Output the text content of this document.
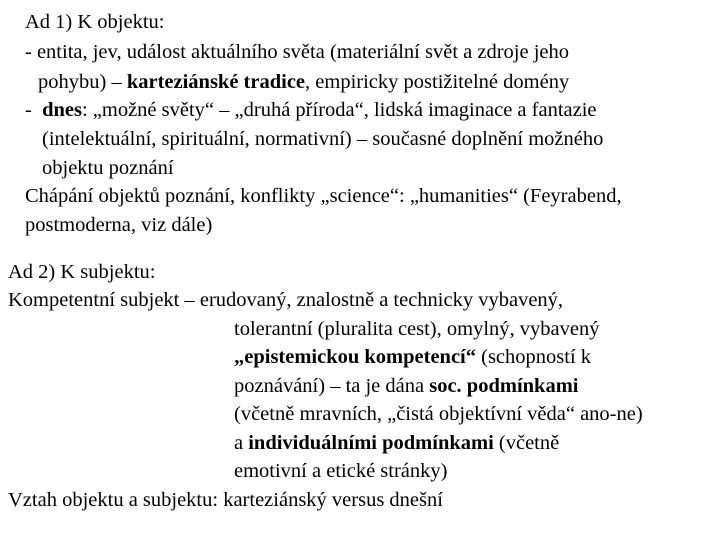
Ad 1) K objektu:
- entita, jev, událost aktuálního světa (materiální svět a zdroje jeho
pohybu) – karteziánské tradice, empiricky postižitelné domény
-  dnes: „možné světy“ – „druhá příroda“, lidská imaginace a fantazie
(intelektuální, spirituální, normativní) – současné doplnění možného
objektu poznání
Chápání objektů poznání, konflikty „science“: „humanities“ (Feyrabend,
postmoderna, viz dále)
Ad 2) K subjektu:
Kompetentní subjekt – erudovaný, znalostně a technicky vybavený,
tolerantní (pluralita cest), omylný, vybavený
„epistemickou kompetencí“ (schopností k
poznávání) – ta je dána soc. podmínkami
(včetně mravních, „čistá objektívní věda“ ano-ne)
a individuálními podmínkami (včetně
emotivní a etické stránky)
Vztah objektu a subjektu: karteziánský versus dnešní
